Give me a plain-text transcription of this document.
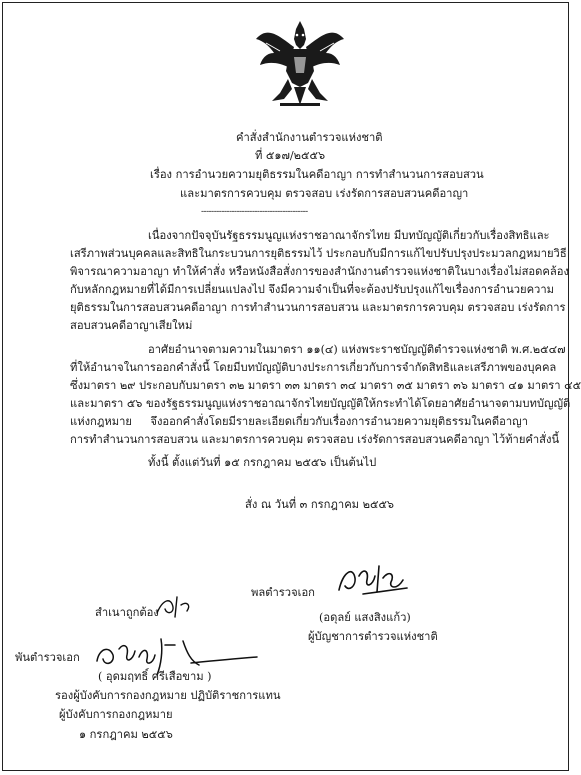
คำสั่งสำนักงานตำรวจแห่งชาติ
ที่ ๕๑๗/๒๕๕๖
เรื่อง การอำนวยความยุติธรรมในคดีอาญา การทำสำนวนการสอบสวน
และมาตรการควบคุม ตรวจสอบ เร่งรัดการสอบสวนคดีอาญา
------------------------------------------
เนื่องจากปัจจุบันรัฐธรรมนูญแห่งราชอาณาจักรไทย มีบทบัญญัติเกี่ยวกับเรื่องสิทธิและ
เสรีภาพส่วนบุคคลและสิทธิในกระบวนการยุติธรรมไว้ ประกอบกับมีการแก้ไขปรับปรุงประมวลกฎหมายวิธี
พิจารณาความอาญา ทำให้คำสั่ง หรือหนังสือสั่งการของสำนักงานตำรวจแห่งชาติในบางเรื่องไม่สอดคล้อง
กับหลักกฎหมายที่ได้มีการเปลี่ยนแปลงไป จึงมีความจำเป็นที่จะต้องปรับปรุงแก้ไขเรื่องการอำนวยความ
ยุติธรรมในการสอบสวนคดีอาญา การทำสำนวนการสอบสวน และมาตรการควบคุม ตรวจสอบ เร่งรัดการ
สอบสวนคดีอาญาเสียใหม่
อาศัยอำนาจตามความในมาตรา ๑๑(๔) แห่งพระราชบัญญัติตำรวจแห่งชาติ พ.ศ.๒๕๔๗
ที่ให้อำนาจในการออกคำสั่งนี้ โดยมีบทบัญญัติบางประการเกี่ยวกับการจำกัดสิทธิและเสรีภาพของบุคคล
ซึ่งมาตรา ๒๙ ประกอบกับมาตรา ๓๒ มาตรา ๓๓ มาตรา ๓๔ มาตรา ๓๕ มาตรา ๓๖ มาตรา ๔๑ มาตรา ๔๕
และมาตรา ๕๖ ของรัฐธรรมนูญแห่งราชอาณาจักรไทยบัญญัติให้กระทำได้โดยอาศัยอำนาจตามบทบัญญัติ
แห่งกฎหมาย จึงออกคำสั่งโดยมีรายละเอียดเกี่ยวกับเรื่องการอำนวยความยุติธรรมในคดีอาญา
การทำสำนวนการสอบสวน และมาตรการควบคุม ตรวจสอบ เร่งรัดการสอบสวนคดีอาญา ไว้ท้ายคำสั่งนี้
ทั้งนี้ ตั้งแต่วันที่ ๑๕ กรกฎาคม ๒๕๕๖ เป็นต้นไป
สั่ง ณ วันที่ ๓ กรกฎาคม ๒๕๕๖
พลตำรวจเอก
(อดุลย์ แสงสิงแก้ว)
ผู้บัญชาการตำรวจแห่งชาติ
สำเนาถูกต้อง
พันตำรวจเอก
( อุดมฤทธิ์ ศรีเสือขาม )
รองผู้บังคับการกองกฎหมาย ปฏิบัติราชการแทน
ผู้บังคับการกองกฎหมาย
๑ กรกฎาคม ๒๕๕๖
